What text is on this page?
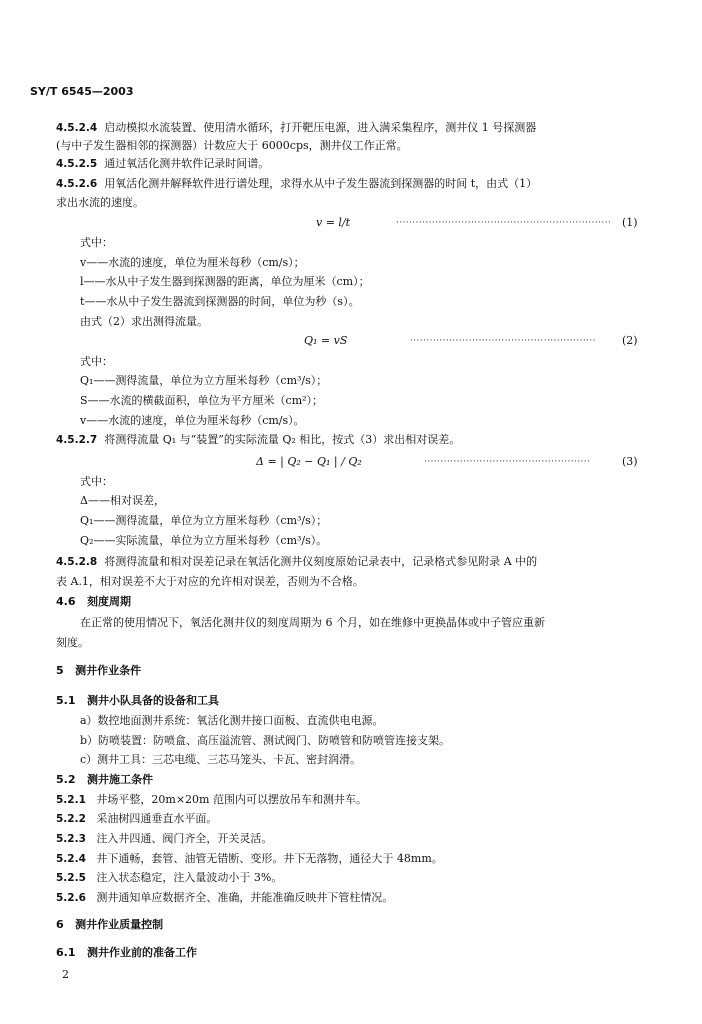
SY/T 6545—2003
4.5.2.4 启动模拟水流装置、使用清水循环，打开靶压电源，进入满采集程序，测井仪 1 号探测器
(与中子发生器相邻的探测器）计数应大于 6000cps，测井仪工作正常。
4.5.2.5 通过氧活化测井软件记录时间谱。
4.5.2.6 用氧活化测井解释软件进行谱处理，求得水从中子发生器流到探测器的时间 t，由式（1）
求出水流的速度。
v = l/t	·································································· (1)
式中：
v——水流的速度，单位为厘米每秒（cm/s）；
l——水从中子发生器到探测器的距离，单位为厘米（cm）；
t——水从中子发生器流到探测器的时间，单位为秒（s）。
由式（2）求出测得流量。
Q₁ = vS	························································· (2)
式中：
Q₁——测得流量，单位为立方厘米每秒（cm³/s）；
S——水流的横截面积，单位为平方厘米（cm²）；
v——水流的速度，单位为厘米每秒（cm/s）。
4.5.2.7 将测得流量 Q₁ 与“装置”的实际流量 Q₂ 相比，按式（3）求出相对误差。
Δ = | Q₂ − Q₁ | / Q₂	···················································	(3)
式中：
Δ——相对误差，
Q₁——测得流量，单位为立方厘米每秒（cm³/s）；
Q₂——实际流量，单位为立方厘米每秒（cm³/s）。
4.5.2.8 将测得流量和相对误差记录在氧活化测井仪刻度原始记录表中，记录格式参见附录 A 中的
表 A.1，相对误差不大于对应的允许相对误差，否则为不合格。
4.6 刻度周期
在正常的使用情况下，氧活化测井仪的刻度周期为 6 个月，如在维修中更换晶体或中子管应重新
刻度。
5 测井作业条件
5.1 测井小队具备的设备和工具
a）数控地面测井系统：氧活化测井接口面板、直流供电电源。
b）防喷装置：防喷盒、高压溢流管、测试阀门、防喷管和防喷管连接支架。
c）测井工具：三芯电缆、三芯马笼头、卡瓦、密封润滑。
5.2 测井施工条件
5.2.1 井场平整，20m×20m 范围内可以摆放吊车和测井车。
5.2.2 采油树四通垂直水平面。
5.2.3 注入井四通、阀门齐全，开关灵活。
5.2.4 井下通畅，套管、油管无错断、变形。井下无落物，通径大于 48mm。
5.2.5 注入状态稳定，注入量波动小于 3%。
5.2.6 测井通知单应数据齐全、准确，并能准确反映井下管柱情况。
6 测井作业质量控制
6.1 测井作业前的准备工作
2
